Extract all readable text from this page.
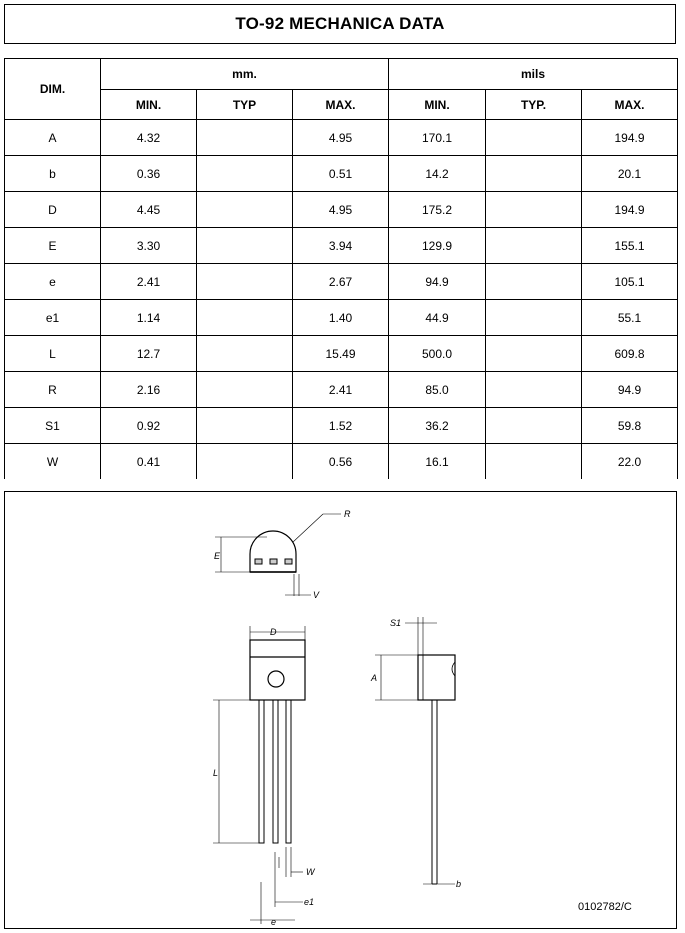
TO-92 MECHANICA DATA
DIM.	mm.			mils		
	MIN.	TYP	MAX.	MIN.	TYP.	MAX.
A	4.32		4.95	170.1		194.9
b	0.36		0.51	14.2		20.1
D	4.45		4.95	175.2		194.9
E	3.30		3.94	129.9		155.1
e	2.41		2.67	94.9		105.1
e1	1.14		1.40	44.9		55.1
L	12.7		15.49	500.0		609.8
R	2.16		2.41	85.0		94.9
S1	0.92		1.52	36.2		59.8
W	0.41		0.56	16.1		22.0
R
E
V
D
A
S1
L
W
e1
e
b
0102782/C
